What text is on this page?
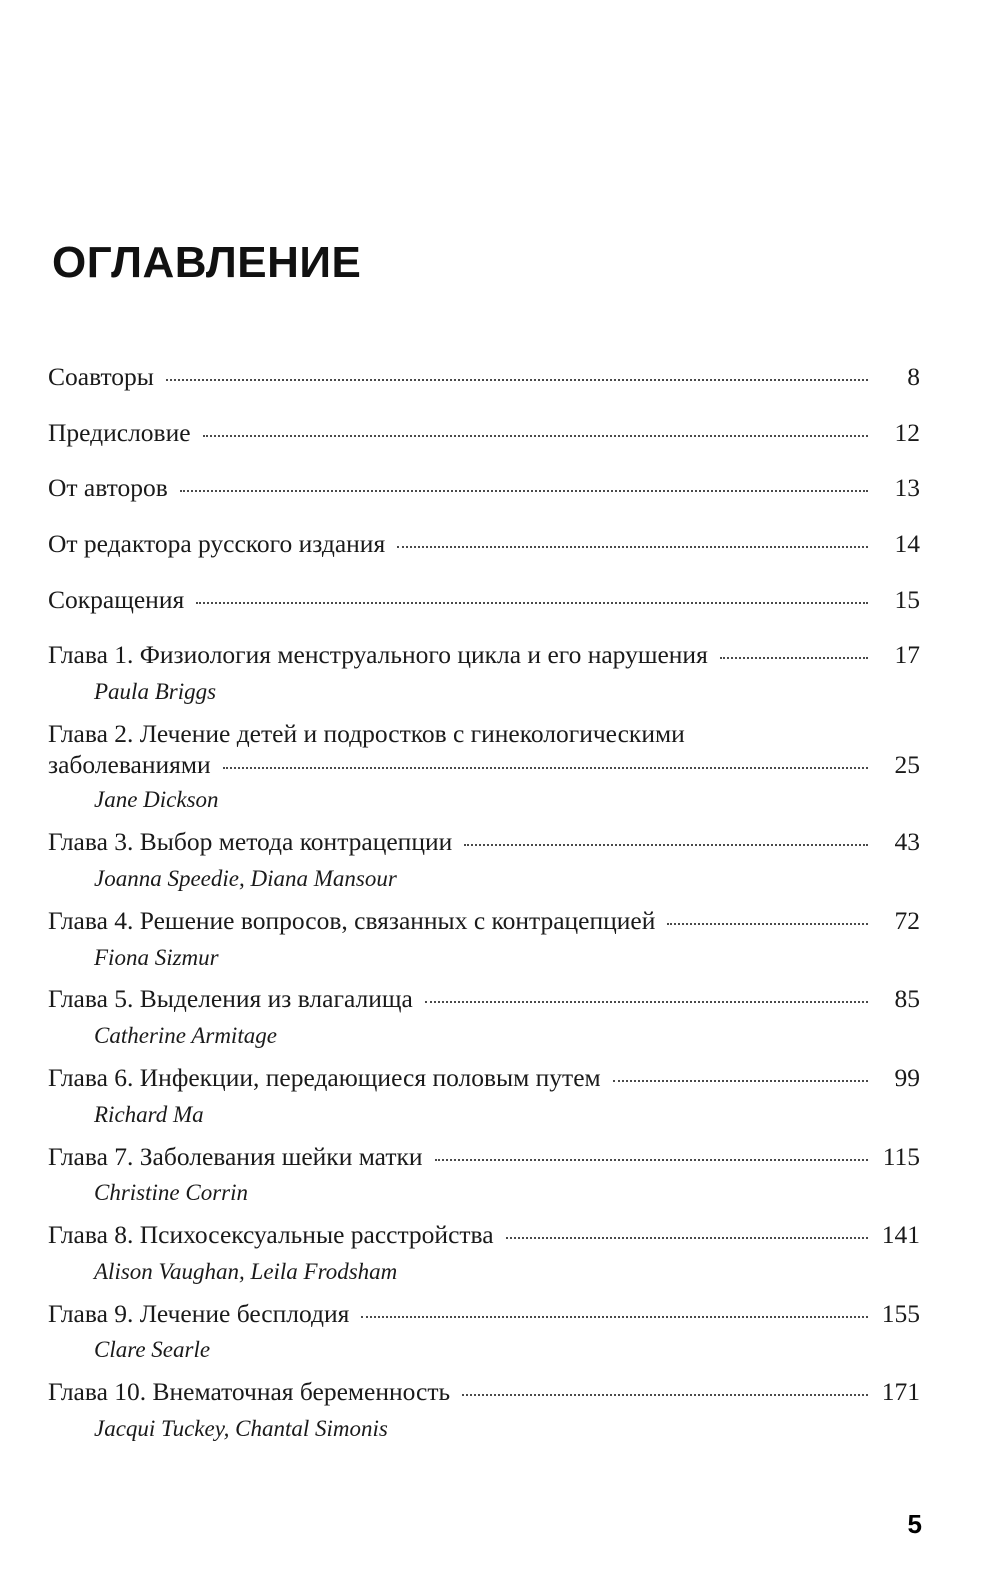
ОГЛАВЛЕНИЕ
Соавторы	8
Предисловие	12
От авторов	13
От редактора русского издания	14
Сокращения	15
Глава 1. Физиология менструального цикла и его нарушения	17
Paula Briggs
Глава 2. Лечение детей и подростков с гинекологическими
заболеваниями	25
Jane Dickson
Глава 3. Выбор метода контрацепции	43
Joanna Speedie, Diana Mansour
Глава 4. Решение вопросов, связанных с контрацепцией	72
Fiona Sizmur
Глава 5. Выделения из влагалища	85
Catherine Armitage
Глава 6. Инфекции, передающиеся половым путем	99
Richard Ma
Глава 7. Заболевания шейки матки	115
Christine Corrin
Глава 8. Психосексуальные расстройства	141
Alison Vaughan, Leila Frodsham
Глава 9. Лечение бесплодия	155
Clare Searle
Глава 10. Внематочная беременность	171
Jacqui Tuckey, Chantal Simonis
5
